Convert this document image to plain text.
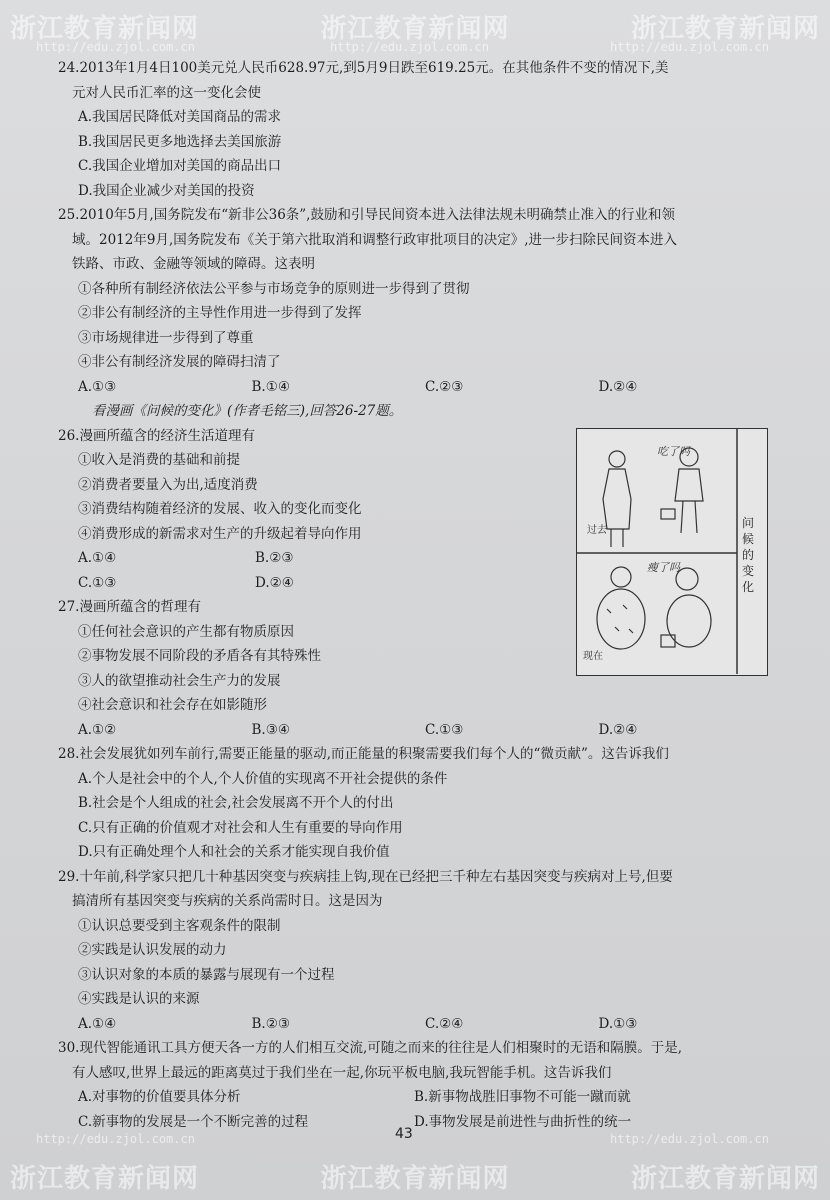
浙江教育新闻网	浙江教育新闻网	浙江教育新闻网
http://edu.zjol.com.cn	http://edu.zjol.com.cn	http://edu.zjol.com.cn
浙江教育新闻网	浙江教育新闻网	浙江教育新闻网
http://edu.zjol.com.cn	http://edu.zjol.com.cn
24.2013年1月4日100美元兑人民币628.97元,到5月9日跌至619.25元。在其他条件不变的情况下,美
元对人民币汇率的这一变化会使
A.我国居民降低对美国商品的需求
B.我国居民更多地选择去美国旅游
C.我国企业增加对美国的商品出口
D.我国企业减少对美国的投资
25.2010年5月,国务院发布“新非公36条”,鼓励和引导民间资本进入法律法规未明确禁止准入的行业和领
域。2012年9月,国务院发布《关于第六批取消和调整行政审批项目的决定》,进一步扫除民间资本进入
铁路、市政、金融等领域的障碍。这表明
①各种所有制经济依法公平参与市场竞争的原则进一步得到了贯彻
②非公有制经济的主导性作用进一步得到了发挥
③市场规律进一步得到了尊重
④非公有制经济发展的障碍扫清了
A.①③	B.①④	C.②③	D.②④
看漫画《问候的变化》(作者毛铭三),回答26-27题。
26.漫画所蕴含的经济生活道理有
①收入是消费的基础和前提
②消费者要量入为出,适度消费
③消费结构随着经济的发展、收入的变化而变化
④消费形成的新需求对生产的升级起着导向作用
A.①④	B.②③
C.①③	D.②④
27.漫画所蕴含的哲理有
①任何社会意识的产生都有物质原因
②事物发展不同阶段的矛盾各有其特殊性
③人的欲望推动社会生产力的发展
④社会意识和社会存在如影随形
A.①②	B.③④	C.①③	D.②④
28.社会发展犹如列车前行,需要正能量的驱动,而正能量的积聚需要我们每个人的“微贡献”。这告诉我们
A.个人是社会中的个人,个人价值的实现离不开社会提供的条件
B.社会是个人组成的社会,社会发展离不开个人的付出
C.只有正确的价值观才对社会和人生有重要的导向作用
D.只有正确处理个人和社会的关系才能实现自我价值
29.十年前,科学家只把几十种基因突变与疾病挂上钩,现在已经把三千种左右基因突变与疾病对上号,但要
搞清所有基因突变与疾病的关系尚需时日。这是因为
①认识总要受到主客观条件的限制
②实践是认识发展的动力
③认识对象的本质的暴露与展现有一个过程
④实践是认识的来源
A.①④	B.②③	C.②④	D.①③
30.现代智能通讯工具方便天各一方的人们相互交流,可随之而来的往往是人们相聚时的无语和隔膜。于是,
有人感叹,世界上最远的距离莫过于我们坐在一起,你玩平板电脑,我玩智能手机。这告诉我们
A.对事物的价值要具体分析	B.新事物战胜旧事物不可能一蹴而就
C.新事物的发展是一个不断完善的过程	D.事物发展是前进性与曲折性的统一
吃了吗
瘦了吗
过去
现在
问候的变化
43
